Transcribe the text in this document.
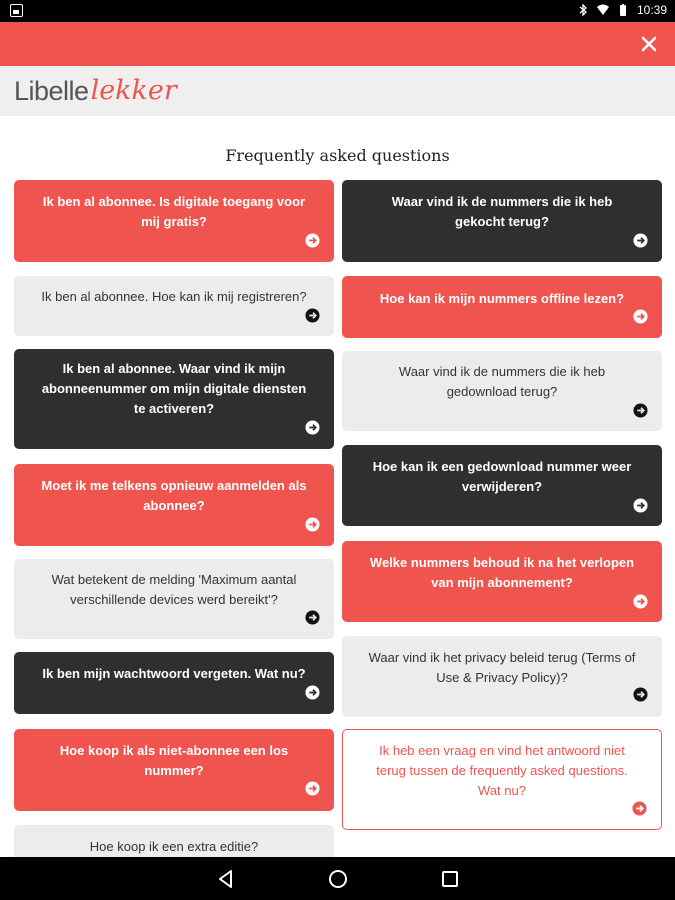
10:39
Libelle lekker
Frequently asked questions
Ik ben al abonnee. Is digitale toegang voor mij gratis?
Ik ben al abonnee. Hoe kan ik mij registreren?
Ik ben al abonnee. Waar vind ik mijn abonneenummer om mijn digitale diensten te activeren?
Moet ik me telkens opnieuw aanmelden als abonnee?
Wat betekent de melding 'Maximum aantal verschillende devices werd bereikt'?
Ik ben mijn wachtwoord vergeten. Wat nu?
Hoe koop ik als niet-abonnee een los nummer?
Hoe koop ik een extra editie?
Waar vind ik de nummers die ik heb gekocht terug?
Hoe kan ik mijn nummers offline lezen?
Waar vind ik de nummers die ik heb gedownload terug?
Hoe kan ik een gedownload nummer weer verwijderen?
Welke nummers behoud ik na het verlopen van mijn abonnement?
Waar vind ik het privacy beleid terug (Terms of Use & Privacy Policy)?
Ik heb een vraag en vind het antwoord niet terug tussen de frequently asked questions. Wat nu?
